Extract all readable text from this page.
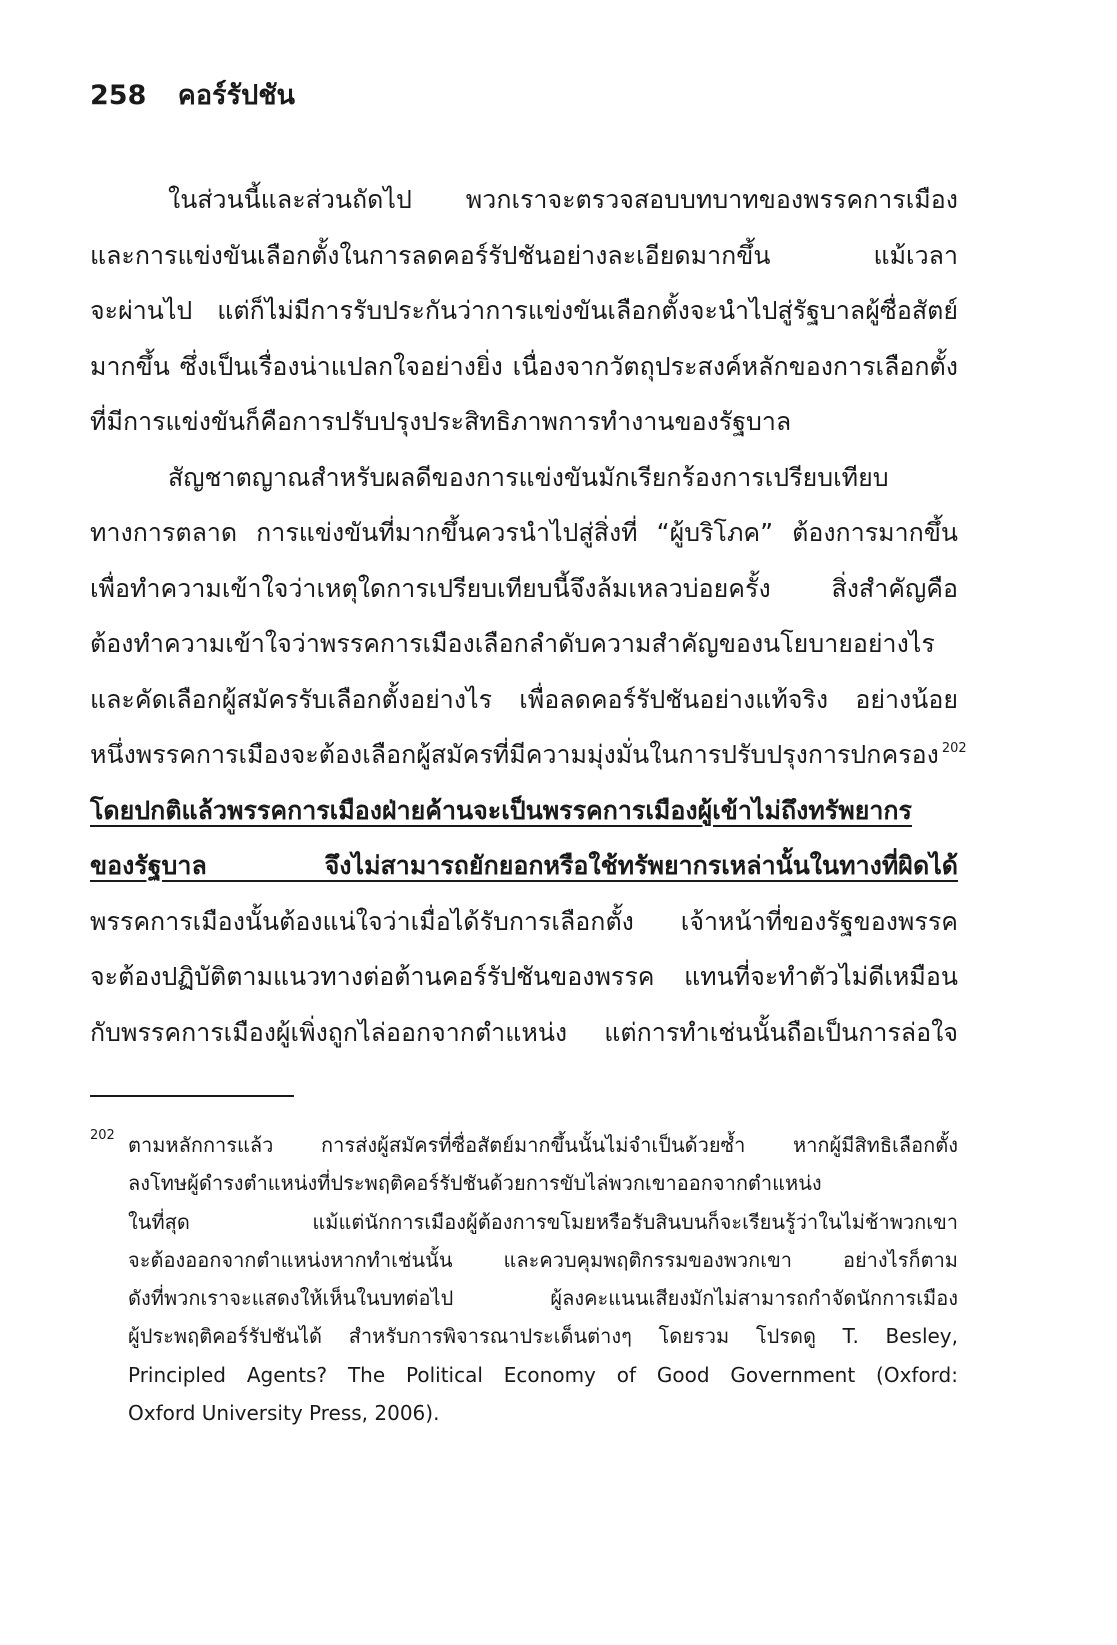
258 คอร์รัปชัน
ในส่วนนี้และส่วนถัดไป พวกเราจะตรวจสอบบทบาทของพรรคการเมือง
และการแข่งขันเลือกตั้งในการลดคอร์รัปชันอย่างละเอียดมากขึ้น แม้เวลา
จะผ่านไป แต่ก็ไม่มีการรับประกันว่าการแข่งขันเลือกตั้งจะนำไปสู่รัฐบาลผู้ซื่อสัตย์
มากขึ้น ซึ่งเป็นเรื่องน่าแปลกใจอย่างยิ่ง เนื่องจากวัตถุประสงค์หลักของการเลือกตั้ง
ที่มีการแข่งขันก็คือการปรับปรุงประสิทธิภาพการทำงานของรัฐบาล
สัญชาตญาณสำหรับผลดีของการแข่งขันมักเรียกร้องการเปรียบเทียบ
ทางการตลาด การแข่งขันที่มากขึ้นควรนำไปสู่สิ่งที่ “ผู้บริโภค” ต้องการมากขึ้น
เพื่อทำความเข้าใจว่าเหตุใดการเปรียบเทียบนี้จึงล้มเหลวบ่อยครั้ง สิ่งสำคัญคือ
ต้องทำความเข้าใจว่าพรรคการเมืองเลือกลำดับความสำคัญของนโยบายอย่างไร
และคัดเลือกผู้สมัครรับเลือกตั้งอย่างไร เพื่อลดคอร์รัปชันอย่างแท้จริง อย่างน้อย
หนึ่งพรรคการเมืองจะต้องเลือกผู้สมัครที่มีความมุ่งมั่นในการปรับปรุงการปกครอง $^{202}$
โดยปกติแล้วพรรคการเมืองฝ่ายค้านจะเป็นพรรคการเมืองผู้เข้าไม่ถึงทรัพยากร
ของรัฐบาล จึงไม่สามารถยักยอกหรือใช้ทรัพยากรเหล่านั้นในทางที่ผิดได้
พรรคการเมืองนั้นต้องแน่ใจว่าเมื่อได้รับการเลือกตั้ง เจ้าหน้าที่ของรัฐของพรรค
จะต้องปฏิบัติตามแนวทางต่อต้านคอร์รัปชันของพรรค แทนที่จะทำตัวไม่ดีเหมือน
กับพรรคการเมืองผู้เพิ่งถูกไล่ออกจากตำแหน่ง แต่การทำเช่นนั้นถือเป็นการล่อใจ
202 ตามหลักการแล้ว การส่งผู้สมัครที่ซื่อสัตย์มากขึ้นนั้นไม่จำเป็นด้วยซ้ำ หากผู้มีสิทธิเลือกตั้ง
ลงโทษผู้ดำรงตำแหน่งที่ประพฤติคอร์รัปชันด้วยการขับไล่พวกเขาออกจากตำแหน่ง
ในที่สุด แม้แต่นักการเมืองผู้ต้องการขโมยหรือรับสินบนก็จะเรียนรู้ว่าในไม่ช้าพวกเขา
จะต้องออกจากตำแหน่งหากทำเช่นนั้น และควบคุมพฤติกรรมของพวกเขา อย่างไรก็ตาม
ดังที่พวกเราจะแสดงให้เห็นในบทต่อไป ผู้ลงคะแนนเสียงมักไม่สามารถกำจัดนักการเมือง
ผู้ประพฤติคอร์รัปชันได้ สำหรับการพิจารณาประเด็นต่างๆ โดยรวม โปรดดู T. Besley,
Principled Agents? The Political Economy of Good Government (Oxford:
Oxford University Press, 2006).
